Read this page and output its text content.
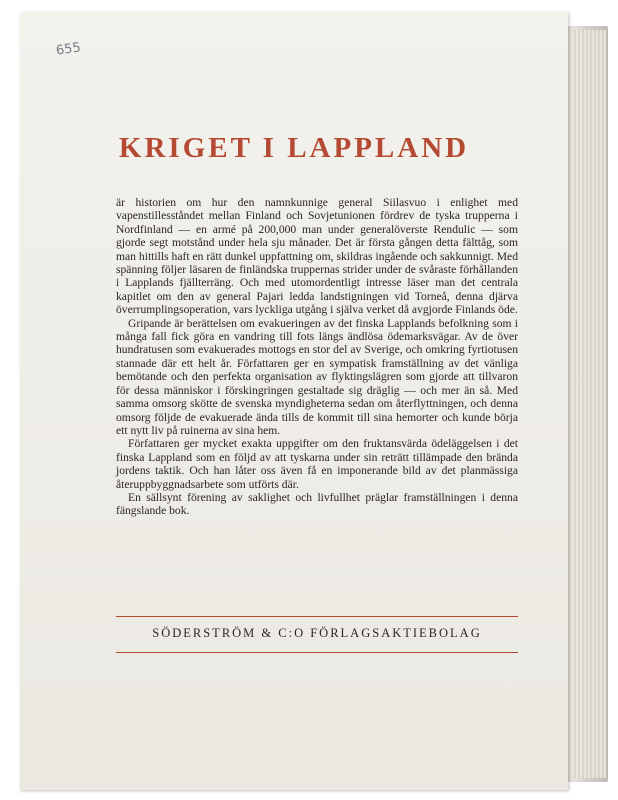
655
KRIGET I LAPPLAND

är historien om hur den namnkunnige general Siilasvuo i enlighet med vapenstillesståndet mellan Finland och Sovjetunionen fördrev de tyska trupperna i Nordfinland — en armé på 200,000 man under generalöverste Rendulic — som gjorde segt motstånd under hela sju månader. Det är första gången detta fälttåg, som man hittills haft en rätt dunkel uppfattning om, skildras ingående och sakkunnigt. Med spänning följer läsaren de finländska truppernas strider under de svåraste förhållanden i Lapplands fjällterräng. Och med utomordentligt intresse läser man det centrala kapitlet om den av general Pajari ledda landstigningen vid Torneå, denna djärva överrumplingsoperation, vars lyckliga utgång i själva verket då avgjorde Finlands öde.

Gripande är berättelsen om evakueringen av det finska Lapplands befolkning som i många fall fick göra en vandring till fots längs ändlösa ödemarksvägar. Av de över hundratusen som evakuerades mottogs en stor del av Sverige, och omkring fyrtiotusen stannade där ett helt år. Författaren ger en sympatisk framställning av det vänliga bemötande och den perfekta organisation av flyktingslägren som gjorde att tillvaron för dessa människor i förskingringen gestaltade sig dräglig — och mer än så. Med samma omsorg skötte de svenska myndigheterna sedan om återflyttningen, och denna omsorg följde de evakuerade ända tills de kommit till sina hemorter och kunde börja ett nytt liv på ruinerna av sina hem.

Författaren ger mycket exakta uppgifter om den fruktansvärda ödeläggelsen i det finska Lappland som en följd av att tyskarna under sin reträtt tillämpade den brända jordens taktik. Och han låter oss även få en imponerande bild av det planmässiga återuppbyggnadsarbete som utförts där.

En sällsynt förening av saklighet och livfullhet präglar framställningen i denna fängslande bok.

SÖDERSTRÖM & C:O FÖRLAGSAKTIEBOLAG
